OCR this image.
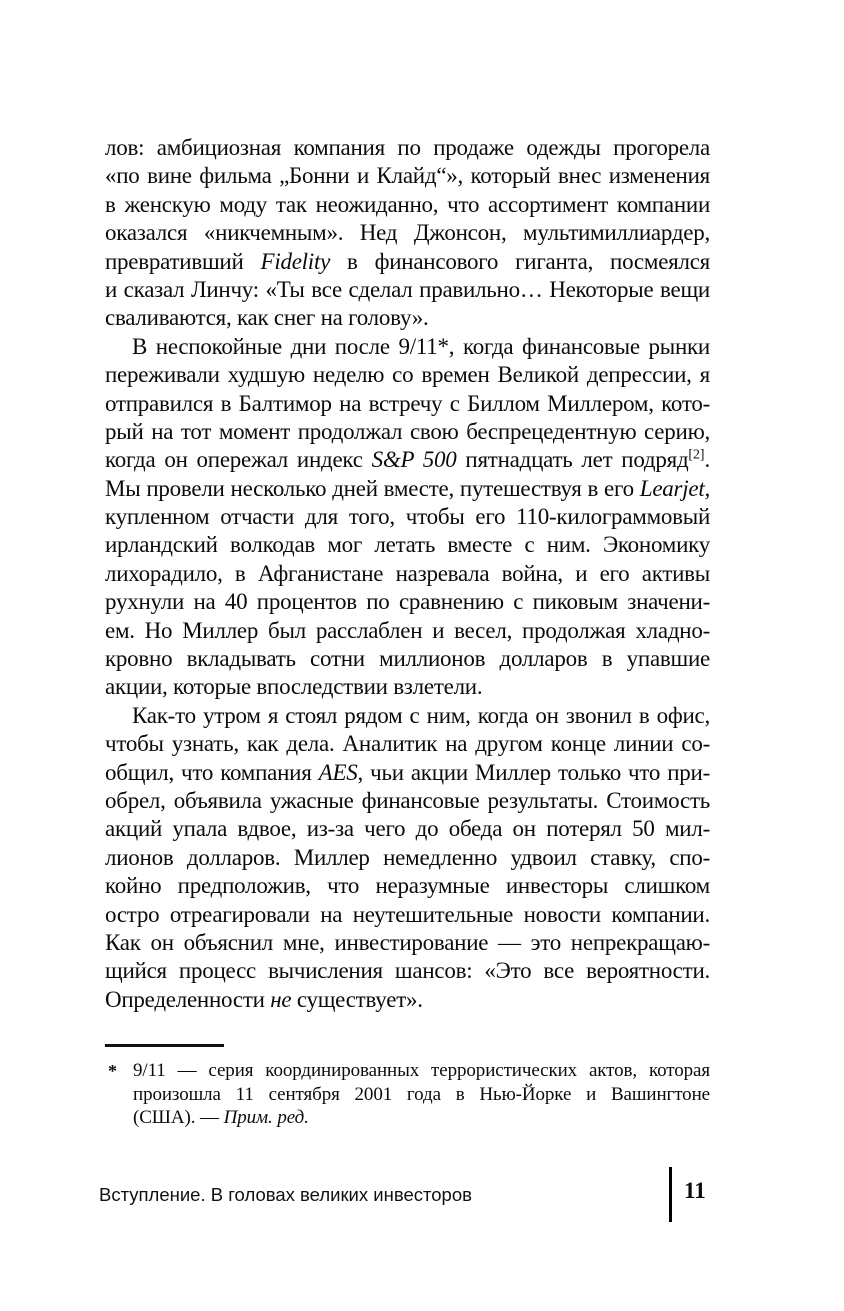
лов: амбициозная компания по продаже одежды прогорела
«по вине фильма „Бонни и Клайд“», который внес изменения
в женскую моду так неожиданно, что ассортимент компании
оказался «никчемным». Нед Джонсон, мультимиллиардер,
превративший Fidelity в финансового гиганта, посмеялся
и сказал Линчу: «Ты все сделал правильно… Некоторые вещи
сваливаются, как снег на голову».
В неспокойные дни после 9/11*, когда финансовые рынки
переживали худшую неделю со времен Великой депрессии, я
отправился в Балтимор на встречу с Биллом Миллером, кото-
рый на тот момент продолжал свою беспрецедентную серию,
когда он опережал индекс S&P 500 пятнадцать лет подряд[2].
Мы провели несколько дней вместе, путешествуя в его Learjet,
купленном отчасти для того, чтобы его 110-килограммовый
ирландский волкодав мог летать вместе с ним. Экономику
лихорадило, в Афганистане назревала война, и его активы
рухнули на 40 процентов по сравнению с пиковым значени-
ем. Но Миллер был расслаблен и весел, продолжая хладно-
кровно вкладывать сотни миллионов долларов в упавшие
акции, которые впоследствии взлетели.
Как-то утром я стоял рядом с ним, когда он звонил в офис,
чтобы узнать, как дела. Аналитик на другом конце линии со-
общил, что компания AES, чьи акции Миллер только что при-
обрел, объявила ужасные финансовые результаты. Стоимость
акций упала вдвое, из-за чего до обеда он потерял 50 мил-
лионов долларов. Миллер немедленно удвоил ставку, спо-
койно предположив, что неразумные инвесторы слишком
остро отреагировали на неутешительные новости компании.
Как он объяснил мне, инвестирование — это непрекращаю-
щийся процесс вычисления шансов: «Это все вероятности.
Определенности не существует».
* 9/11 — серия координированных террористических актов, которая
произошла 11 сентября 2001 года в Нью-Йорке и Вашингтоне
(США). — Прим. ред.
Вступление. В головах великих инвесторов	11
